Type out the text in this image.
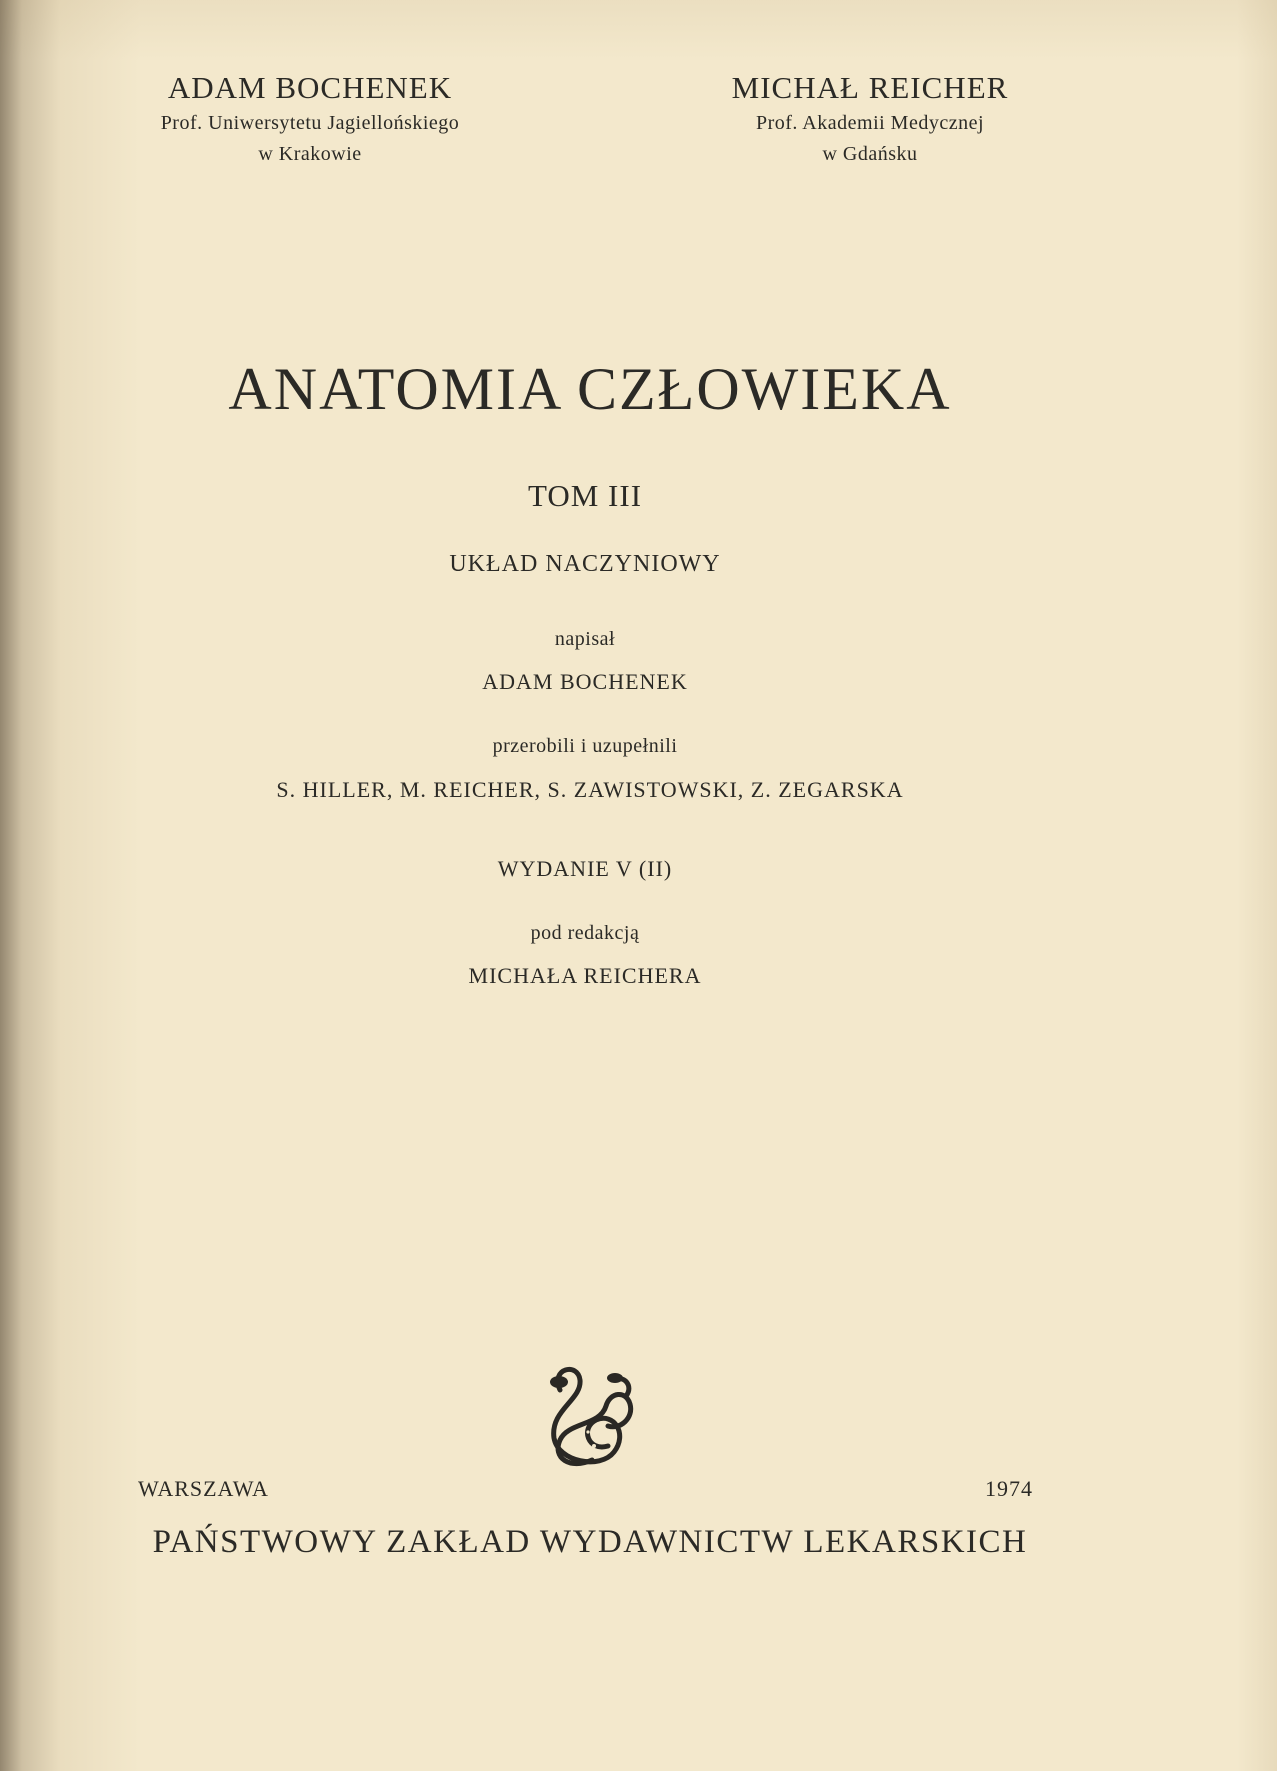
ADAM BOCHENEK
Prof. Uniwersytetu Jagiellońskiego
w Krakowie
MICHAŁ REICHER
Prof. Akademii Medycznej
w Gdańsku
ANATOMIA CZŁOWIEKA
TOM III
UKŁAD NACZYNIOWY
napisał
ADAM BOCHENEK
przerobili i uzupełnili
S. HILLER, M. REICHER, S. ZAWISTOWSKI, Z. ZEGARSKA
WYDANIE V (II)
pod redakcją
MICHAŁA REICHERA
WARSZAWA	1974
PAŃSTWOWY ZAKŁAD WYDAWNICTW LEKARSKICH
